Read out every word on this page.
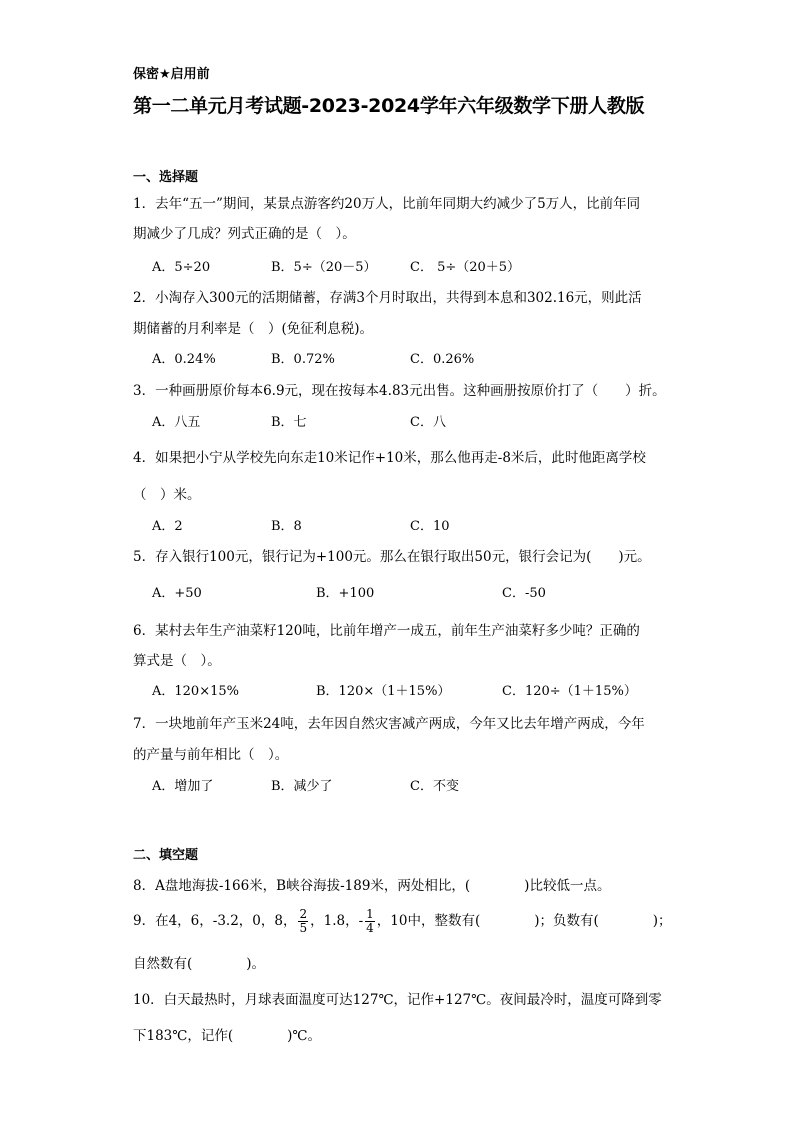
保密★启用前
第一二单元月考试题-2023-2024学年六年级数学下册人教版
一、选择题
1．去年“五一”期间，某景点游客约20万人，比前年同期大约减少了5万人，比前年同
期减少了几成？列式正确的是（　）。
A．5÷20	B．5÷（20－5）	C． 5÷（20＋5）
2．小淘存入300元的活期储蓄，存满3个月时取出，共得到本息和302.16元，则此活
期储蓄的月利率是（　）(免征利息税)。
A．0.24%	B．0.72%	C．0.26%
3．一种画册原价每本6.9元，现在按每本4.83元出售。这种画册按原价打了（　　）折。
A．八五	B．七	C．八
4．如果把小宁从学校先向东走10米记作+10米，那么他再走-8米后，此时他距离学校
（　）米。
A．2	B．8	C．10
5．存入银行100元，银行记为+100元。那么在银行取出50元，银行会记为(　　)元。
A．+50	B．+100	C．-50
6．某村去年生产油菜籽120吨，比前年增产一成五，前年生产油菜籽多少吨？正确的
算式是（　）。
A．120×15%	B．120×（1＋15%）	C．120÷（1＋15%）
7．一块地前年产玉米24吨，去年因自然灾害减产两成，今年又比去年增产两成，今年
的产量与前年相比（　）。
A．增加了	B．减少了	C．不变
二、填空题
8．A盘地海拔-166米，B峡谷海拔-189米，两处相比，(　　　　)比较低一点。
9．在4，6，-3.2，0，8， $\frac{2}{5}$ ，1.8，- $\frac{1}{4}$ ，10中，整数有(　　　　)；负数有(　　　　)；
自然数有(　　　　)。
10．白天最热时，月球表面温度可达127℃，记作+127℃。夜间最冷时，温度可降到零
下183℃，记作(　　　　)℃。
